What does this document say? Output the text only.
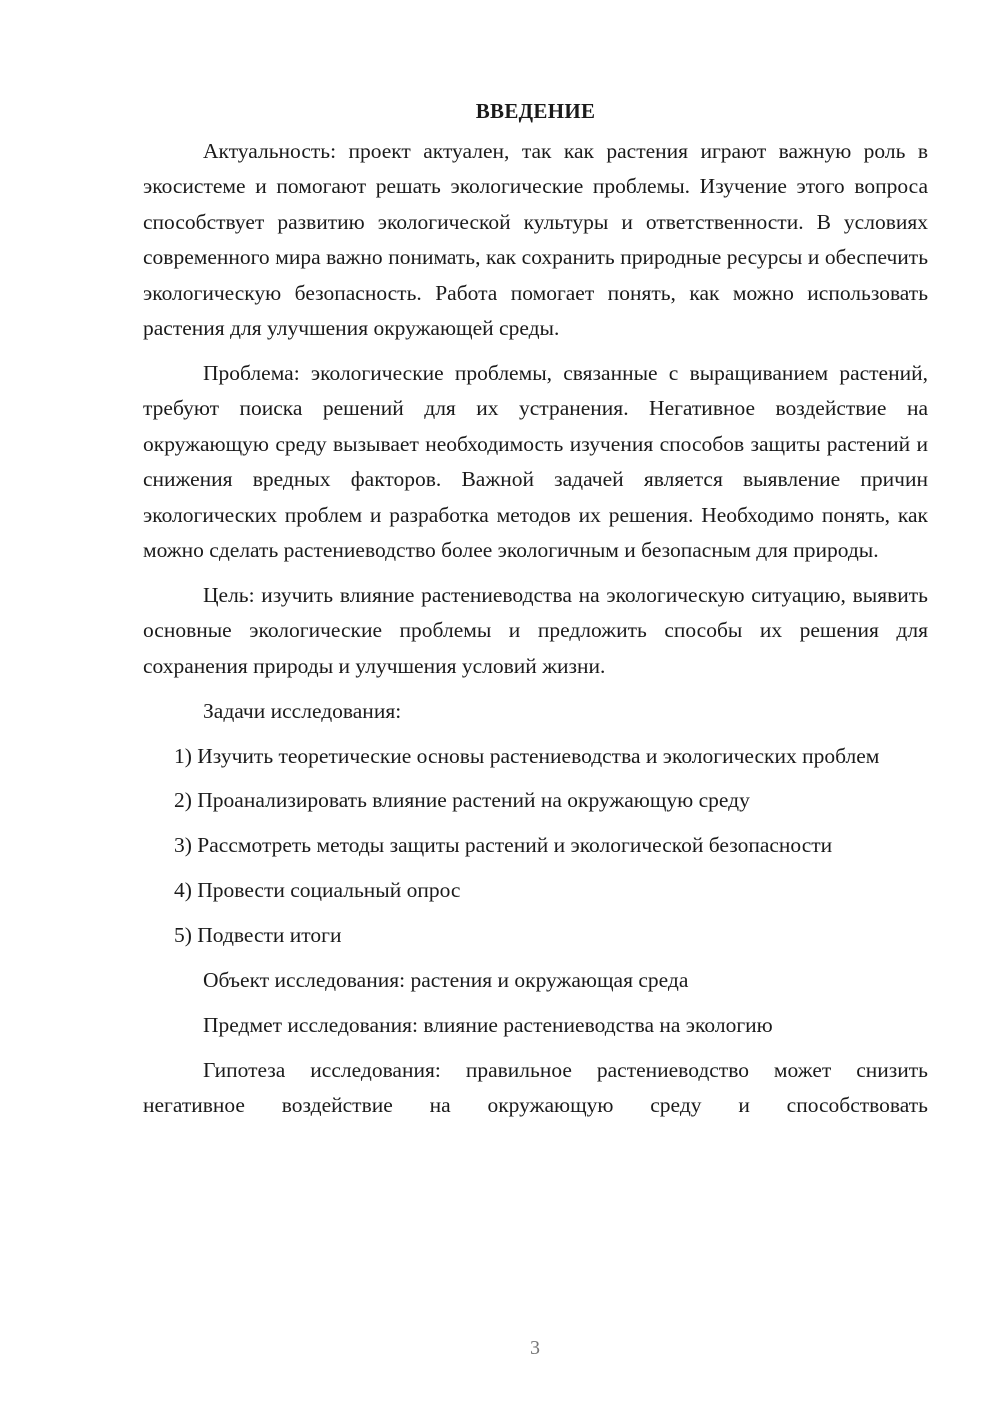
ВВЕДЕНИЕ

Актуальность: проект актуален, так как растения играют важную роль в экосистеме и помогают решать экологические проблемы. Изучение этого вопроса способствует развитию экологической культуры и ответственности. В условиях современного мира важно понимать, как сохранить природные ресурсы и обеспечить экологическую безопасность. Работа помогает понять, как можно использовать растения для улучшения окружающей среды.

Проблема: экологические проблемы, связанные с выращиванием растений, требуют поиска решений для их устранения. Негативное воздействие на окружающую среду вызывает необходимость изучения способов защиты растений и снижения вредных факторов. Важной задачей является выявление причин экологических проблем и разработка методов их решения. Необходимо понять, как можно сделать растениеводство более экологичным и безопасным для природы.

Цель: изучить влияние растениеводства на экологическую ситуацию, выявить основные экологические проблемы и предложить способы их решения для сохранения природы и улучшения условий жизни.

Задачи исследования:

1) Изучить теоретические основы растениеводства и экологических проблем

2) Проанализировать влияние растений на окружающую среду

3) Рассмотреть методы защиты растений и экологической безопасности

4) Провести социальный опрос

5) Подвести итоги

Объект исследования: растения и окружающая среда

Предмет исследования: влияние растениеводства на экологию

Гипотеза исследования: правильное растениеводство может снизить негативное воздействие на окружающую среду и способствовать

3
